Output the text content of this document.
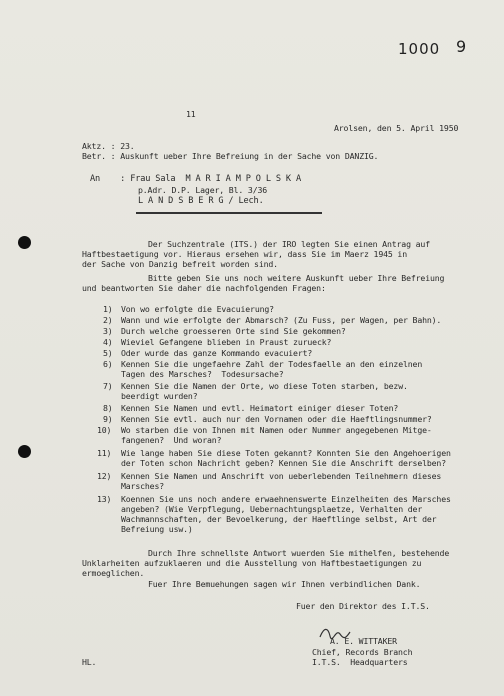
1000 9
11
Arolsen, den 5. April 1950
Aktz. : 23.
Betr. : Auskunft ueber Ihre Befreiung in der Sache von DANZIG.
An    : Frau Sala  M A R I A M P O L S K A
p.Adr. D.P. Lager, Bl. 3/36
L A N D S B E R G / Lech.
Der Suchzentrale (ITS.) der IRO legten Sie einen Antrag auf
Haftbestaetigung vor. Hieraus ersehen wir, dass Sie im Maerz 1945 in
der Sache von Danzig befreit worden sind.
Bitte geben Sie uns noch weitere Auskunft ueber Ihre Befreiung
und beantworten Sie daher die nachfolgenden Fragen:
1) Von wo erfolgte die Evacuierung?
2) Wann und wie erfolgte der Abmarsch? (Zu Fuss, per Wagen, per Bahn).
3) Durch welche groesseren Orte sind Sie gekommen?
4) Wieviel Gefangene blieben in Praust zurueck?
5) Oder wurde das ganze Kommando evacuiert?
6) Kennen Sie die ungefaehre Zahl der Todesfaelle an den einzelnen
Tagen des Marsches?  Todesursache?
7) Kennen Sie die Namen der Orte, wo diese Toten starben, bezw.
beerdigt wurden?
8) Kennen Sie Namen und evtl. Heimatort einiger dieser Toten?
9) Kennen Sie evtl. auch nur den Vornamen oder die Haeftlingsnummer?
10) Wo starben die von Ihnen mit Namen oder Nummer angegebenen Mitge-
fangenen?  Und woran?
11) Wie lange haben Sie diese Toten gekannt? Konnten Sie den Angehoerigen
der Toten schon Nachricht geben? Kennen Sie die Anschrift derselben?
12) Kennen Sie Namen und Anschrift von ueberlebenden Teilnehmern dieses
Marsches?
13) Koennen Sie uns noch andere erwaehnenswerte Einzelheiten des Marsches
angeben? (Wie Verpflegung, Uebernachtungsplaetze, Verhalten der
Wachmannschaften, der Bevoelkerung, der Haeftlinge selbst, Art der
Befreiung usw.)
Durch Ihre schnellste Antwort wuerden Sie mithelfen, bestehende
Unklarheiten aufzuklaeren und die Ausstellung von Haftbestaetigungen zu
ermoeglichen.
Fuer Ihre Bemuehungen sagen wir Ihnen verbindlichen Dank.
Fuer den Direktor des I.T.S.
A. E. WITTAKER
Chief, Records Branch
I.T.S.  Headquarters
HL.
